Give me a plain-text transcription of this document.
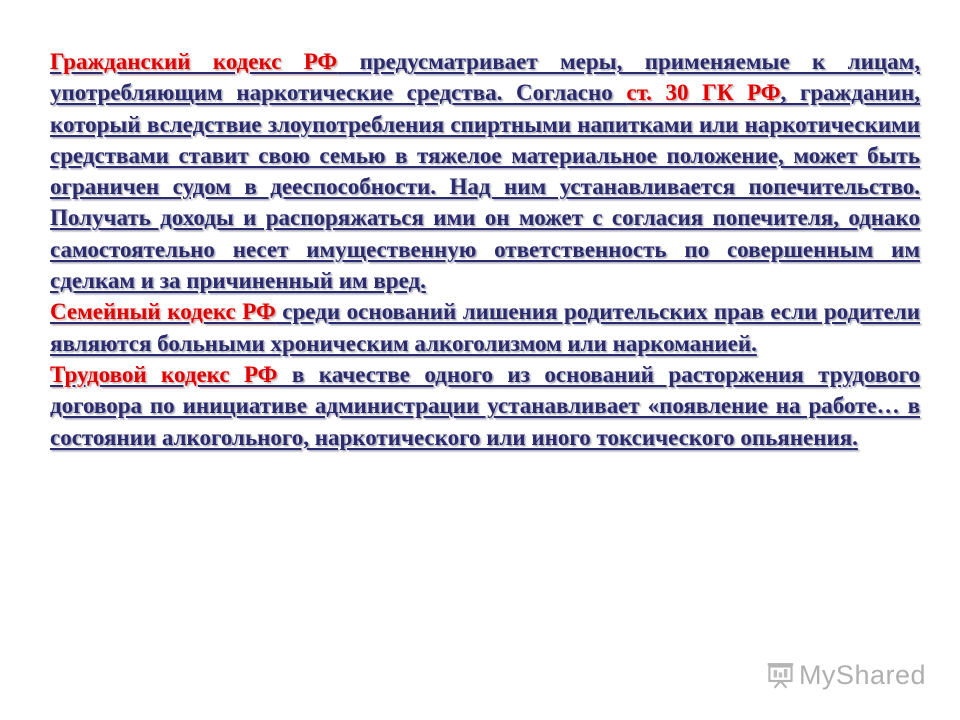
Гражданский кодекс РФ предусматривает меры, применяемые к лицам, употребляющим наркотические средства. Согласно ст. 30 ГК РФ, гражданин, который вследствие злоупотребления спиртными напитками или наркотическими средствами ставит свою семью в тяжелое материальное положение, может быть ограничен судом в дееспособности. Над ним устанавливается попечительство. Получать доходы и распоряжаться ими он может с согласия попечителя, однако самостоятельно несет имущественную ответственность по совершенным им сделкам и за причиненный им вред.

Семейный кодекс РФ среди оснований лишения родительских прав если родители являются больными хроническим алкоголизмом или наркоманией.

Трудовой кодекс РФ в качестве одного из оснований расторжения трудового договора по инициативе администрации устанавливает «появление на работе… в состоянии алкогольного, наркотического или иного токсического опьянения.

MyShared
